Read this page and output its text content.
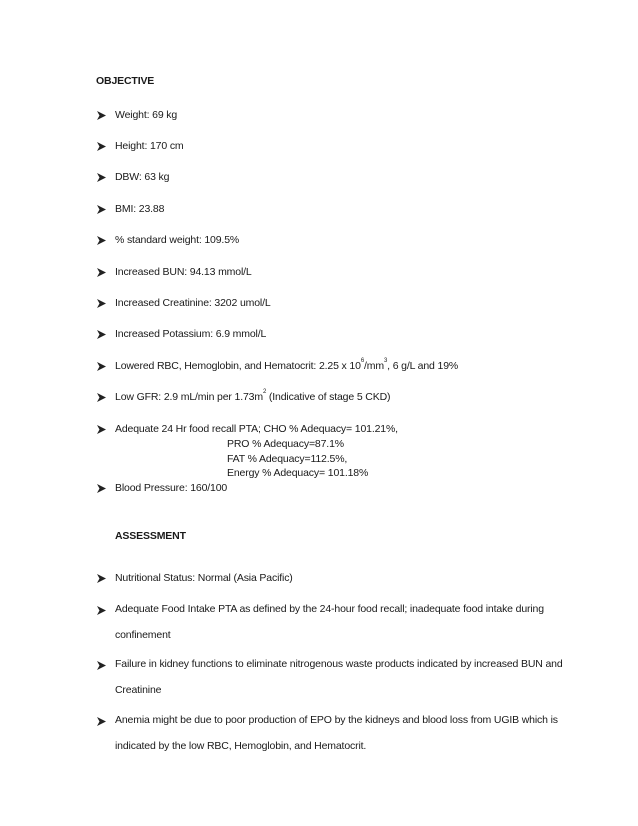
OBJECTIVE
Weight: 69 kg
Height: 170 cm
DBW: 63 kg
BMI: 23.88
% standard weight: 109.5%
Increased BUN: 94.13 mmol/L
Increased Creatinine: 3202 umol/L
Increased Potassium: 6.9 mmol/L
Lowered RBC, Hemoglobin, and Hematocrit: 2.25 x $10^6/mm^3$, 6 g/L and 19%
Low GFR: 2.9 mL/min per $1.73m^2$ (Indicative of stage 5 CKD)
Adequate 24 Hr food recall PTA; CHO % Adequacy= 101.21%,
PRO % Adequacy=87.1%
FAT % Adequacy=112.5%,
Energy % Adequacy= 101.18%
Blood Pressure: 160/100
ASSESSMENT
Nutritional Status: Normal (Asia Pacific)
Adequate Food Intake PTA as defined by the 24-hour food recall; inadequate food intake during confinement
Failure in kidney functions to eliminate nitrogenous waste products indicated by increased BUN and Creatinine
Anemia might be due to poor production of EPO by the kidneys and blood loss from UGIB which is indicated by the low RBC, Hemoglobin, and Hematocrit.
